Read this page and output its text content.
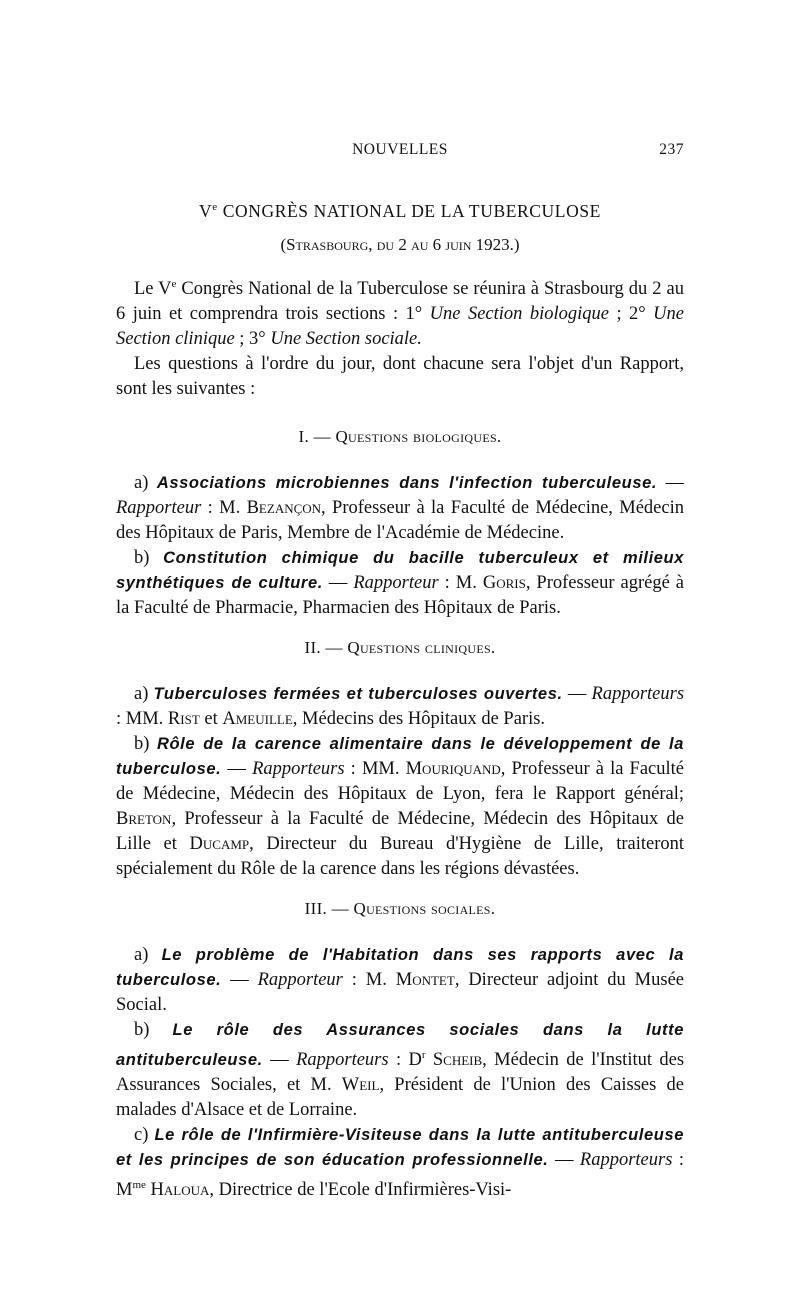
NOUVELLES	237
Ve CONGRÈS NATIONAL DE LA TUBERCULOSE
(Strasbourg, du 2 au 6 juin 1923.)

Le Ve Congrès National de la Tuberculose se réunira à Strasbourg du 2 au 6 juin et comprendra trois sections : 1° Une Section biologique ; 2° Une Section clinique ; 3° Une Section sociale.

Les questions à l'ordre du jour, dont chacune sera l'objet d'un Rapport, sont les suivantes :

I. — Questions biologiques.

a) Associations microbiennes dans l'infection tuberculeuse. — Rapporteur : M. Bezançon, Professeur à la Faculté de Médecine, Médecin des Hôpitaux de Paris, Membre de l'Académie de Médecine.

b) Constitution chimique du bacille tuberculeux et milieux synthétiques de culture. — Rapporteur : M. Goris, Professeur agrégé à la Faculté de Pharmacie, Pharmacien des Hôpitaux de Paris.

II. — Questions cliniques.

a) Tuberculoses fermées et tuberculoses ouvertes. — Rapporteurs : MM. Rist et Ameuille, Médecins des Hôpitaux de Paris.

b) Rôle de la carence alimentaire dans le développement de la tuberculose. — Rapporteurs : MM. Mouriquand, Professeur à la Faculté de Médecine, Médecin des Hôpitaux de Lyon, fera le Rapport général; Breton, Professeur à la Faculté de Médecine, Médecin des Hôpitaux de Lille et Ducamp, Directeur du Bureau d'Hygiène de Lille, traiteront spécialement du Rôle de la carence dans les régions dévastées.

III. — Questions sociales.

a) Le problème de l'Habitation dans ses rapports avec la tuberculose. — Rapporteur : M. Montet, Directeur adjoint du Musée Social.

b) Le rôle des Assurances sociales dans la lutte antituberculeuse. — Rapporteurs : $D^r$ Scheib, Médecin de l'Institut des Assurances Sociales, et M. Weil, Président de l'Union des Caisses de malades d'Alsace et de Lorraine.

c) Le rôle de l'Infirmière-Visiteuse dans la lutte antituberculeuse et les principes de son éducation professionnelle. — Rapporteurs : $M^{me}$ Haloua, Directrice de l'Ecole d'Infirmières-Visi-
